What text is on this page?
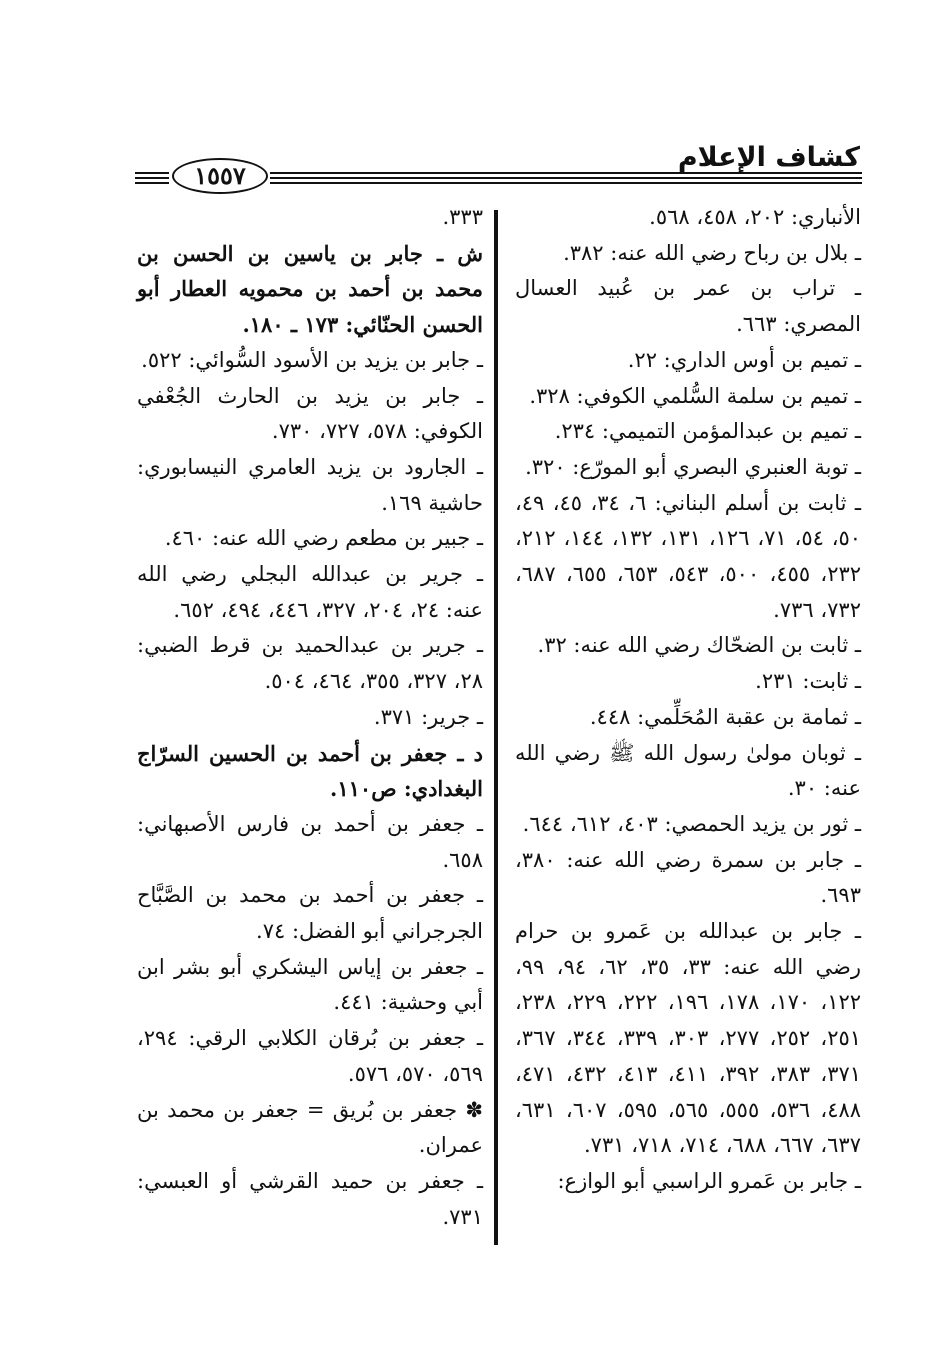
كشاف الإعلام
١٥٥٧

الأنباري: ٢٠٢، ٤٥٨، ٥٦٨.

ـ بلال بن رباح رضي الله عنه: ٣٨٢.

ـ تراب بن عمر بن عُبيد العسال المصري: ٦٦٣.

ـ تميم بن أوس الداري: ٢٢.

ـ تميم بن سلمة السُّلمي الكوفي: ٣٢٨.

ـ تميم بن عبدالمؤمن التميمي: ٢٣٤.

ـ توبة العنبري البصري أبو المورّع: ٣٢٠.

ـ ثابت بن أسلم البناني: ٦، ٣٤، ٤٥، ٤٩، ٥٠، ٥٤، ٧١، ١٢٦، ١٣١، ١٣٢، ١٤٤، ٢١٢، ٢٣٢، ٤٥٥، ٥٠٠، ٥٤٣، ٦٥٣، ٦٥٥، ٦٨٧، ٧٣٢، ٧٣٦.

ـ ثابت بن الضحّاك رضي الله عنه: ٣٢.

ـ ثابت: ٢٣١.

ـ ثمامة بن عقبة المُحَلِّمي: ٤٤٨.

ـ ثوبان مولىٰ رسول الله ﷺ رضي الله عنه: ٣٠.

ـ ثور بن يزيد الحمصي: ٤٠٣، ٦١٢، ٦٤٤.

ـ جابر بن سمرة رضي الله عنه: ٣٨٠، ٦٩٣.

ـ جابر بن عبدالله بن عَمرو بن حرام رضي الله عنه: ٣٣، ٣٥، ٦٢، ٩٤، ٩٩، ١٢٢، ١٧٠، ١٧٨، ١٩٦، ٢٢٢، ٢٢٩، ٢٣٨، ٢٥١، ٢٥٢، ٢٧٧، ٣٠٣، ٣٣٩، ٣٤٤، ٣٦٧، ٣٧١، ٣٨٣، ٣٩٢، ٤١١، ٤١٣، ٤٣٢، ٤٧١، ٤٨٨، ٥٣٦، ٥٥٥، ٥٦٥، ٥٩٥، ٦٠٧، ٦٣١، ٦٣٧، ٦٦٧، ٦٨٨، ٧١٤، ٧١٨، ٧٣١.

ـ جابر بن عَمرو الراسبي أبو الوازع:

٣٣٣.

ش ـ جابر بن ياسين بن الحسن بن محمد بن أحمد بن محمويه العطار أبو الحسن الحنّائي: ١٧٣ ـ ١٨٠.

ـ جابر بن يزيد بن الأسود السُّوائي: ٥٢٢.

ـ جابر بن يزيد بن الحارث الجُعْفي الكوفي: ٥٧٨، ٧٢٧، ٧٣٠.

ـ الجارود بن يزيد العامري النيسابوري: حاشية ١٦٩.

ـ جبير بن مطعم رضي الله عنه: ٤٦٠.

ـ جرير بن عبدالله البجلي رضي الله عنه: ٢٤، ٢٠٤، ٣٢٧، ٤٤٦، ٤٩٤، ٦٥٢.

ـ جرير بن عبدالحميد بن قرط الضبي: ٢٨، ٣٢٧، ٣٥٥، ٤٦٤، ٥٠٤.

ـ جرير: ٣٧١.

د ـ جعفر بن أحمد بن الحسين السرّاج البغدادي: ص١١٠.

ـ جعفر بن أحمد بن فارس الأصبهاني: ٦٥٨.

ـ جعفر بن أحمد بن محمد بن الصَّبَّاح الجرجراني أبو الفضل: ٧٤.

ـ جعفر بن إياس اليشكري أبو بشر ابن أبي وحشية: ٤٤١.

ـ جعفر بن بُرقان الكلابي الرقي: ٢٩٤، ٥٦٩، ٥٧٠، ٥٧٦.

✽ جعفر بن بُريق = جعفر بن محمد بن عمران.

ـ جعفر بن حميد القرشي أو العبسي: ٧٣١.
